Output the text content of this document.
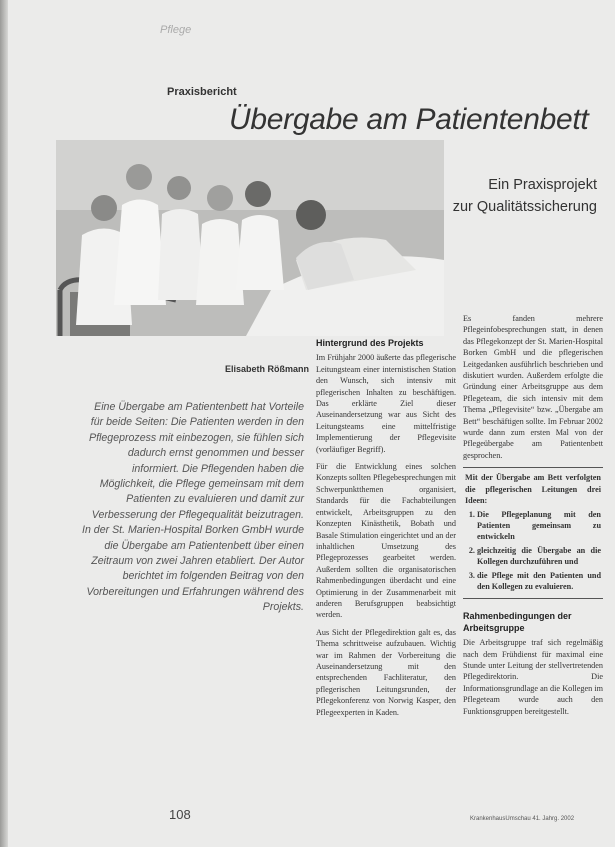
Pflege
Praxisbericht
Übergabe am Patientenbett
Ein Praxisprojekt
zur Qualitätssicherung
Elisabeth Rößmann
Eine Übergabe am Patientenbett hat Vorteile für beide Seiten: Die Patienten werden in den Pflegeprozess mit einbezogen, sie fühlen sich dadurch ernst genommen und besser informiert. Die Pflegenden haben die Möglichkeit, die Pflege gemeinsam mit dem Patienten zu evaluieren und damit zur Verbesserung der Pflegequalität beizutragen. In der St. Marien-Hospital Borken GmbH wurde die Übergabe am Patientenbett über einen Zeitraum von zwei Jahren etabliert. Der Autor berichtet im folgenden Beitrag von den Vorbereitungen und Erfahrungen während des Projekts.
Hintergrund des Projekts

Im Frühjahr 2000 äußerte das pflegerische Leitungsteam einer internistischen Station den Wunsch, sich intensiv mit pflegerischen Inhalten zu beschäftigen. Das erklärte Ziel dieser Auseinandersetzung war aus Sicht des Leitungsteams eine mittelfristige Implementierung der Pflegevisite (vorläufiger Begriff).

Für die Entwicklung eines solchen Konzepts sollten Pflegebesprechungen mit Schwerpunktthemen organisiert, Standards für die Fachabteilungen entwickelt, Arbeitsgruppen zu den Konzepten Kinästhetik, Bobath und Basale Stimulation eingerichtet und an der inhaltlichen Umsetzung des Pflegeprozesses gearbeitet werden. Außerdem sollten die organisatorischen Rahmenbedingungen überdacht und eine Optimierung in der Zusammenarbeit mit anderen Berufsgruppen beabsichtigt werden.

Aus Sicht der Pflegedirektion galt es, das Thema schrittweise aufzubauen. Wichtig war im Rahmen der Vorbereitung die Auseinandersetzung mit den entsprechenden Fachliteratur, den pflegerischen Leitungsrunden, der Pflegekonferenz von Norwig Kasper, den Pflegeexperten in Kaden.

Es fanden mehrere Pflegeinfobesprechungen statt, in denen das Pflegekonzept der St. Marien-Hospital Borken GmbH und die pflegerischen Leitgedanken ausführlich beschrieben und diskutiert wurden. Außerdem erfolgte die Gründung einer Arbeitsgruppe aus dem Pflegeteam, die sich intensiv mit dem Thema „Pflegevisite“ bzw. „Übergabe am Bett“ beschäftigen sollte. Im Februar 2002 wurde dann zum ersten Mal von der Pflegeübergabe am Patientenbett gesprochen.

Mit der Übergabe am Bett verfolgten die pflegerischen Leitungen drei Ideen:
1. Die Pflegeplanung mit den Patienten gemeinsam zu entwickeln
2. gleichzeitig die Übergabe an die Kollegen durchzuführen und
3. die Pflege mit den Patienten und den Kollegen zu evaluieren.
Rahmenbedingungen der Arbeitsgruppe

Die Arbeitsgruppe traf sich regelmäßig nach dem Frühdienst für maximal eine Stunde unter Leitung der stellvertretenden Pflegedirektorin. Die Informationsgrundlage an die Kollegen im Pflegeteam wurde auch den Funktionsgruppen bereitgestellt.

108	KrankenhausUmschau 41. Jahrg. 2002
